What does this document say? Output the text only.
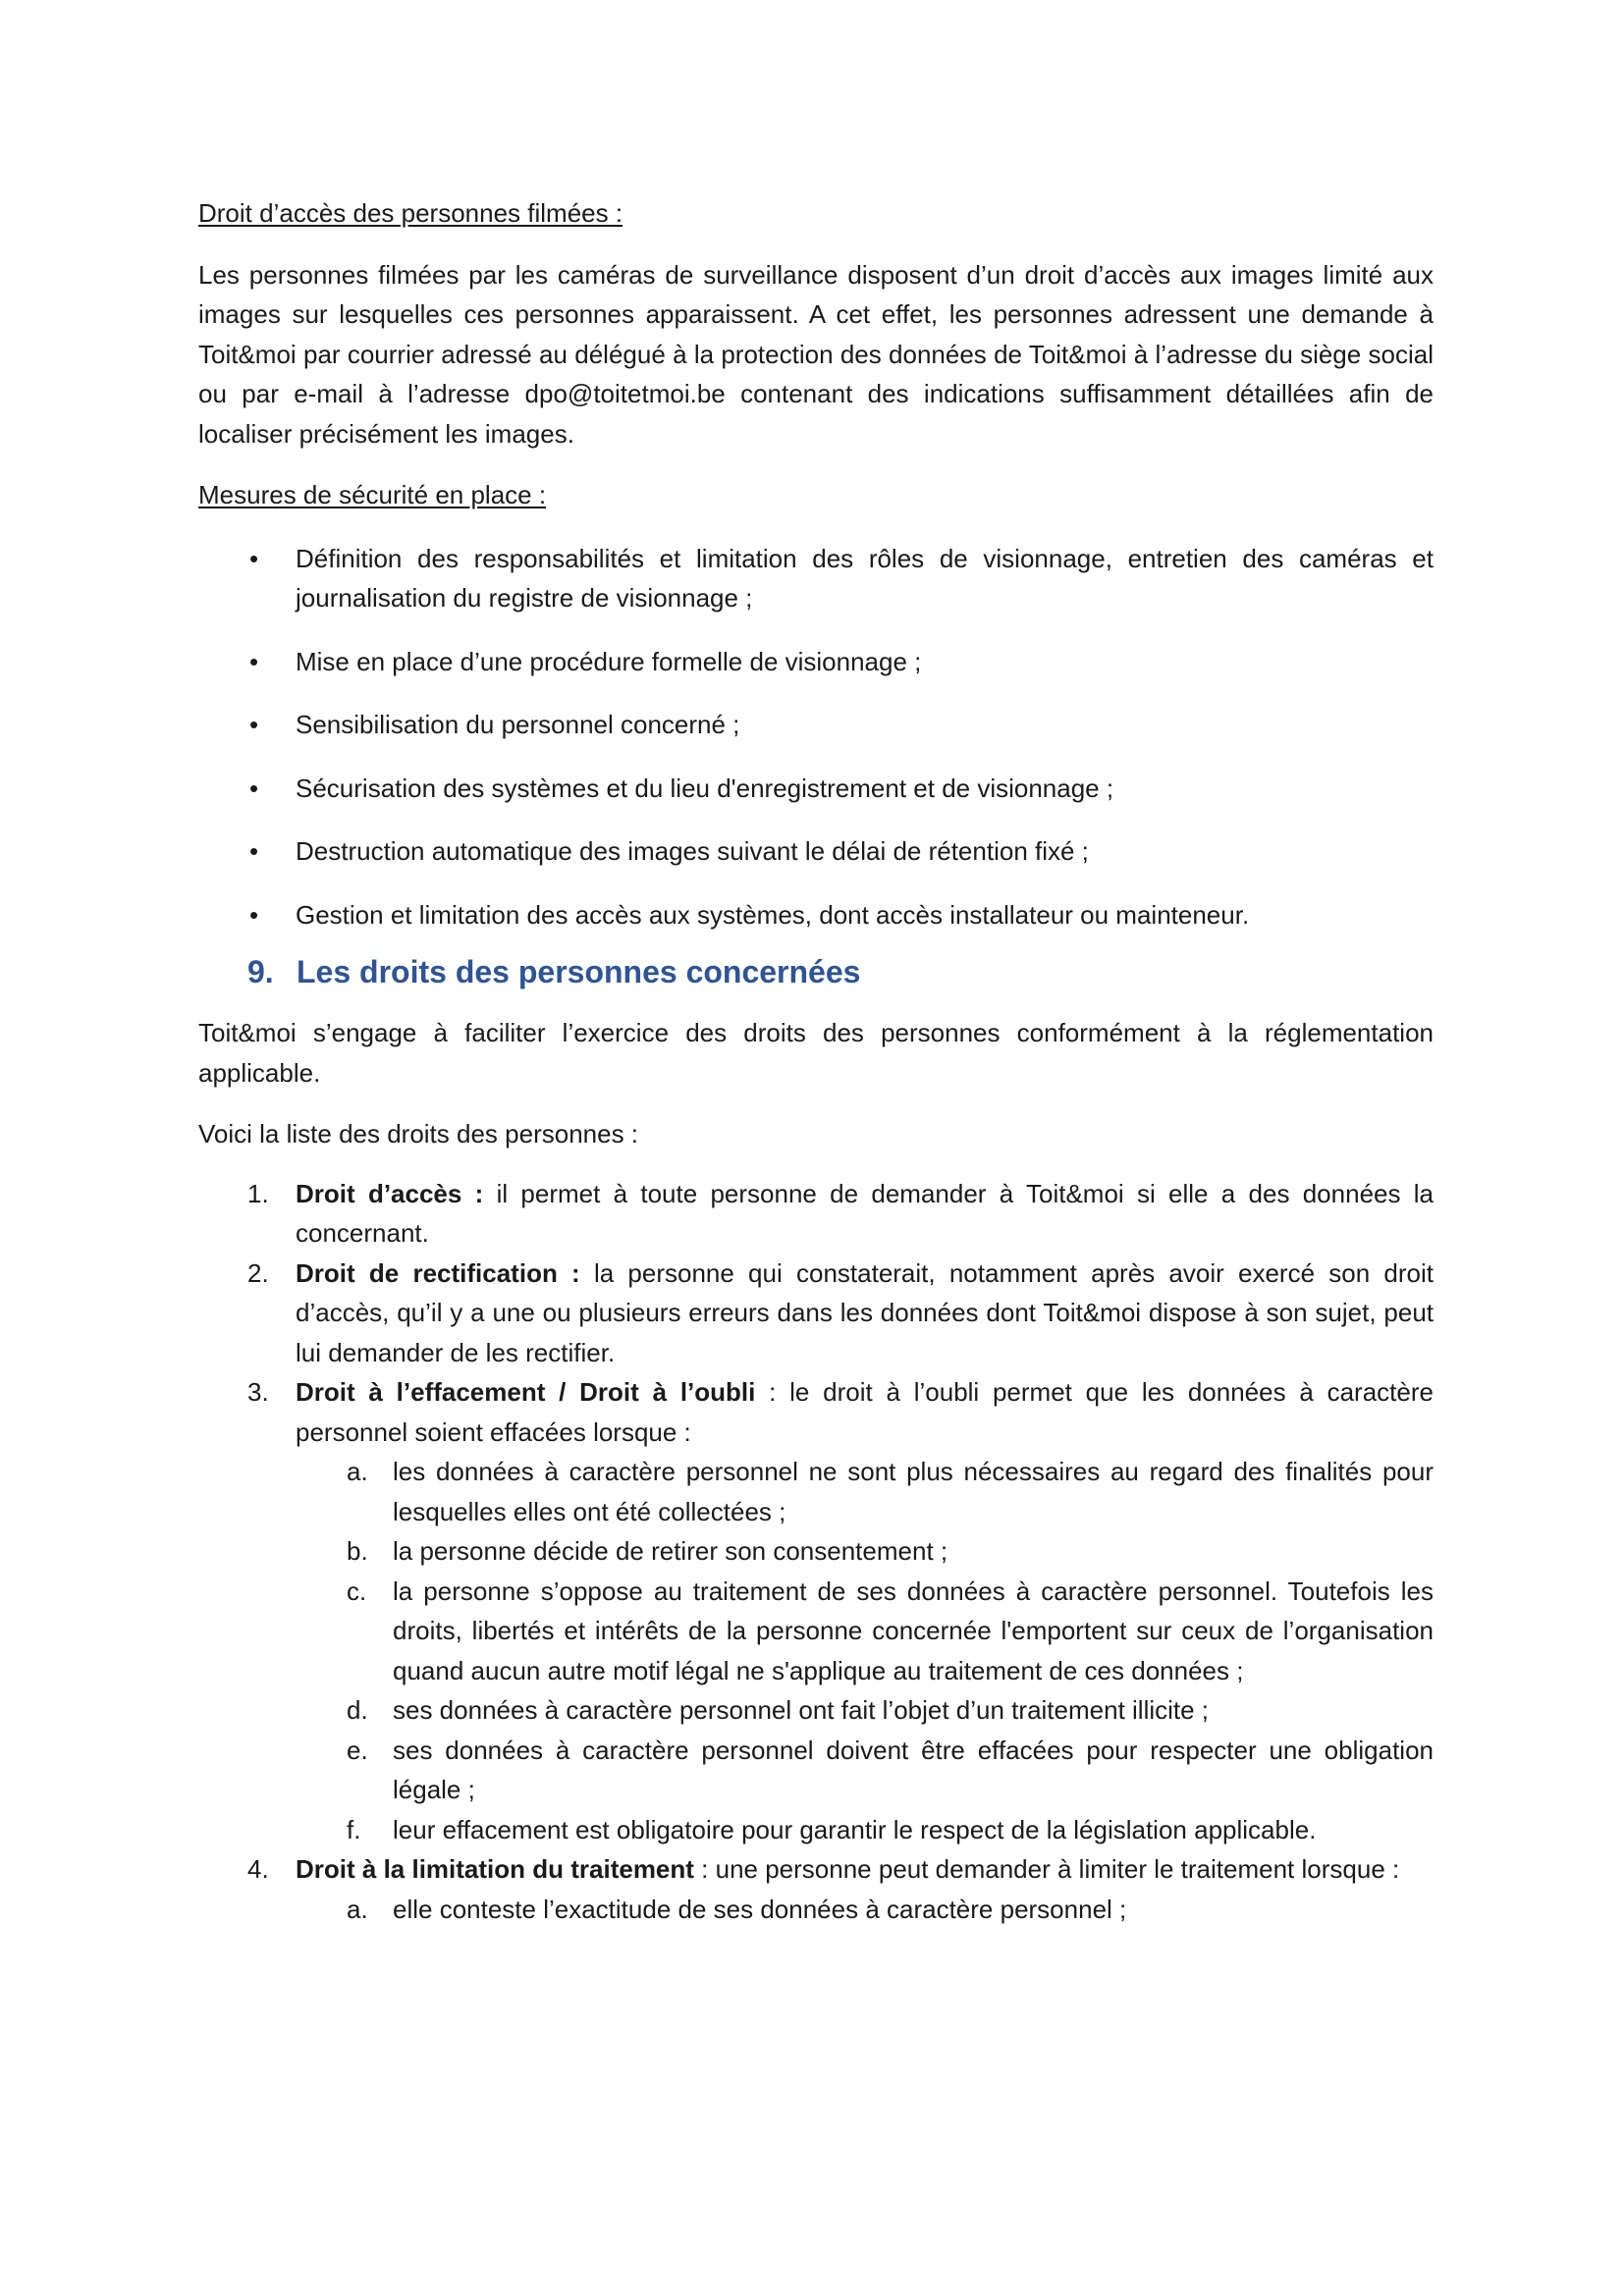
Droit d’accès des personnes filmées :

Les personnes filmées par les caméras de surveillance disposent d’un droit d’accès aux images limité aux images sur lesquelles ces personnes apparaissent. A cet effet, les personnes adressent une demande à Toit&moi par courrier adressé au délégué à la protection des données de Toit&moi à l’adresse du siège social ou par e-mail à l’adresse dpo@toitetmoi.be contenant des indications suffisamment détaillées afin de localiser précisément les images.

Mesures de sécurité en place :

• Définition des responsabilités et limitation des rôles de visionnage, entretien des caméras et journalisation du registre de visionnage ;
• Mise en place d’une procédure formelle de visionnage ;
• Sensibilisation du personnel concerné ;
• Sécurisation des systèmes et du lieu d'enregistrement et de visionnage ;
• Destruction automatique des images suivant le délai de rétention fixé ;
• Gestion et limitation des accès aux systèmes, dont accès installateur ou mainteneur.
9. Les droits des personnes concernées

Toit&moi s’engage à faciliter l’exercice des droits des personnes conformément à la réglementation applicable.

Voici la liste des droits des personnes :

1. Droit d’accès : il permet à toute personne de demander à Toit&moi si elle a des données la concernant.
2. Droit de rectification : la personne qui constaterait, notamment après avoir exercé son droit d’accès, qu’il y a une ou plusieurs erreurs dans les données dont Toit&moi dispose à son sujet, peut lui demander de les rectifier.
3. Droit à l’effacement / Droit à l’oubli : le droit à l’oubli permet que les données à caractère personnel soient effacées lorsque :
a. les données à caractère personnel ne sont plus nécessaires au regard des finalités pour lesquelles elles ont été collectées ;
b. la personne décide de retirer son consentement ;
c. la personne s’oppose au traitement de ses données à caractère personnel. Toutefois les droits, libertés et intérêts de la personne concernée l'emportent sur ceux de l’organisation quand aucun autre motif légal ne s'applique au traitement de ces données ;
d. ses données à caractère personnel ont fait l’objet d’un traitement illicite ;
e. ses données à caractère personnel doivent être effacées pour respecter une obligation légale ;
f. leur effacement est obligatoire pour garantir le respect de la législation applicable.
4. Droit à la limitation du traitement : une personne peut demander à limiter le traitement lorsque :
a. elle conteste l’exactitude de ses données à caractère personnel ;
